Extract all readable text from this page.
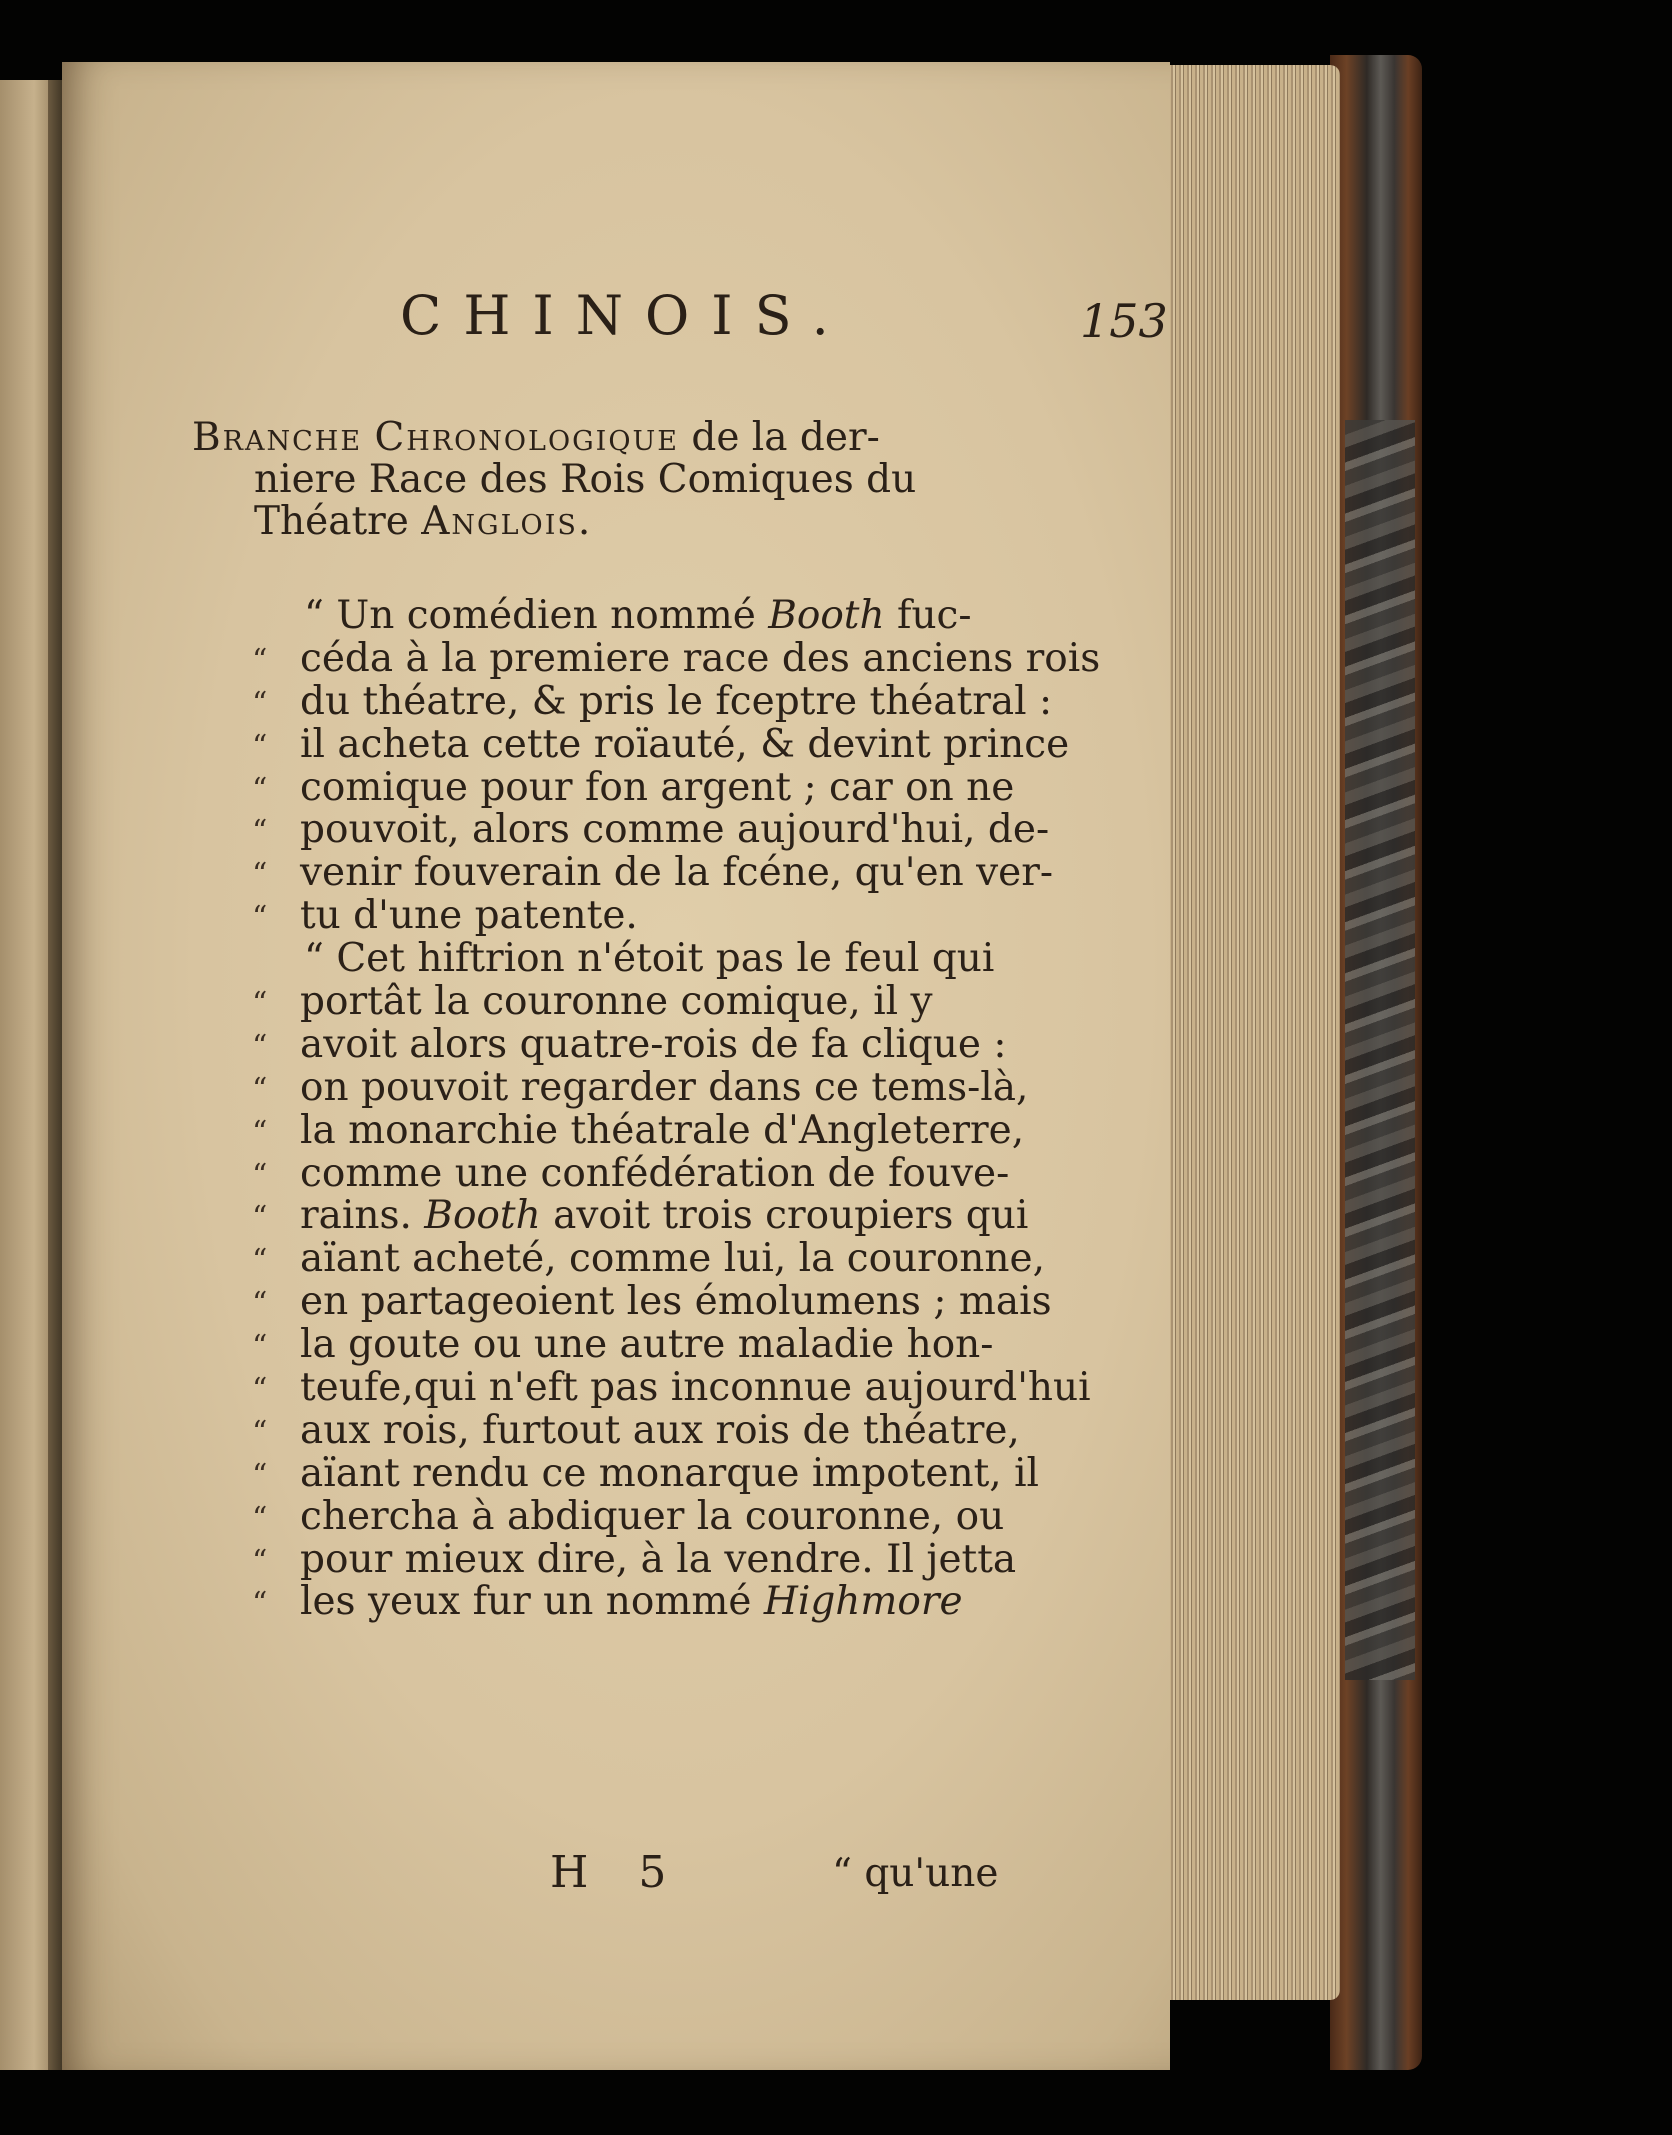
CHINOIS.	153
Branche Chronologique de la der-
niere Race des Rois Comiques du
Théatre Anglois.
“ Un comédien nommé Booth fuc-
“ céda à la premiere race des anciens rois
“ du théatre, & pris le fceptre théatral :
“ il acheta cette roïauté, & devint prince
“ comique pour fon argent ; car on ne
“ pouvoit, alors comme aujourd'hui, de-
“ venir fouverain de la fcéne, qu'en ver-
“ tu d'une patente.
“ Cet hiftrion n'étoit pas le feul qui
“ portât la couronne comique, il y
“ avoit alors quatre-rois de fa clique :
“ on pouvoit regarder dans ce tems-là,
“ la monarchie théatrale d'Angleterre,
“ comme une confédération de fouve-
“ rains. Booth avoit trois croupiers qui
“ aïant acheté, comme lui, la couronne,
“ en partageoient les émolumens ; mais
“ la goute ou une autre maladie hon-
“ teufe,qui n'eft pas inconnue aujourd'hui
“ aux rois, furtout aux rois de théatre,
“ aïant rendu ce monarque impotent, il
“ chercha à abdiquer la couronne, ou
“ pour mieux dire, à la vendre. Il jetta
“ les yeux fur un nommé Highmore
H 5	“ qu'une
